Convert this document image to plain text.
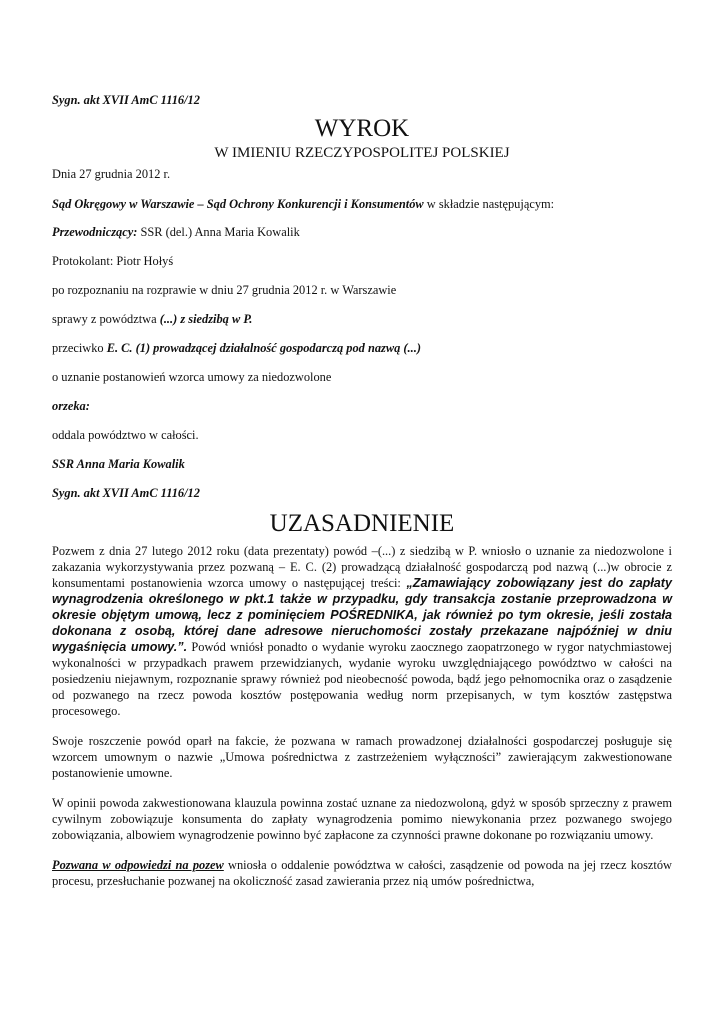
Sygn. akt XVII AmC 1116/12

WYROK
W IMIENIU RZECZYPOSPOLITEJ POLSKIEJ

Dnia 27 grudnia 2012 r.

Sąd Okręgowy w Warszawie – Sąd Ochrony Konkurencji i Konsumentów w składzie następującym:

Przewodniczący: SSR (del.) Anna Maria Kowalik

Protokolant: Piotr Hołyś

po rozpoznaniu na rozprawie w dniu 27 grudnia 2012 r. w Warszawie

sprawy z powództwa (...) z siedzibą w P.

przeciwko E. C. (1) prowadzącej działalność gospodarczą pod nazwą (...)

o uznanie postanowień wzorca umowy za niedozwolone

orzeka:

oddala powództwo w całości.

SSR Anna Maria Kowalik

Sygn. akt XVII AmC 1116/12

UZASADNIENIE

Pozwem z dnia 27 lutego 2012 roku (data prezentaty) powód –(...) z siedzibą w P. wniosło o uznanie za niedozwolone i zakazania wykorzystywania przez pozwaną – E. C. (2) prowadzącą działalność gospodarczą pod nazwą (...)w obrocie z konsumentami postanowienia wzorca umowy o następującej treści: „Zamawiający zobowiązany jest do zapłaty wynagrodzenia określonego w pkt.1 także w przypadku, gdy transakcja zostanie przeprowadzona w okresie objętym umową, lecz z pominięciem POŚREDNIKA, jak również po tym okresie, jeśli została dokonana z osobą, której dane adresowe nieruchomości zostały przekazane najpóźniej w dniu wygaśnięcia umowy.”. Powód wniósł ponadto o wydanie wyroku zaocznego zaopatrzonego w rygor natychmiastowej wykonalności w przypadkach prawem przewidzianych, wydanie wyroku uwzględniającego powództwo w całości na posiedzeniu niejawnym, rozpoznanie sprawy również pod nieobecność powoda, bądź jego pełnomocnika oraz o zasądzenie od pozwanego na rzecz powoda kosztów postępowania według norm przepisanych, w tym kosztów zastępstwa procesowego.

Swoje roszczenie powód oparł na fakcie, że pozwana w ramach prowadzonej działalności gospodarczej posługuje się wzorcem umownym o nazwie „Umowa pośrednictwa z zastrzeżeniem wyłączności” zawierającym zakwestionowane postanowienie umowne.

W opinii powoda zakwestionowana klauzula powinna zostać uznane za niedozwoloną, gdyż w sposób sprzeczny z prawem cywilnym zobowiązuje konsumenta do zapłaty wynagrodzenia pomimo niewykonania przez pozwanego swojego zobowiązania, albowiem wynagrodzenie powinno być zapłacone za czynności prawne dokonane po rozwiązaniu umowy.

Pozwana w odpowiedzi na pozew wniosła o oddalenie powództwa w całości, zasądzenie od powoda na jej rzecz kosztów procesu, przesłuchanie pozwanej na okoliczność zasad zawierania przez nią umów pośrednictwa,
